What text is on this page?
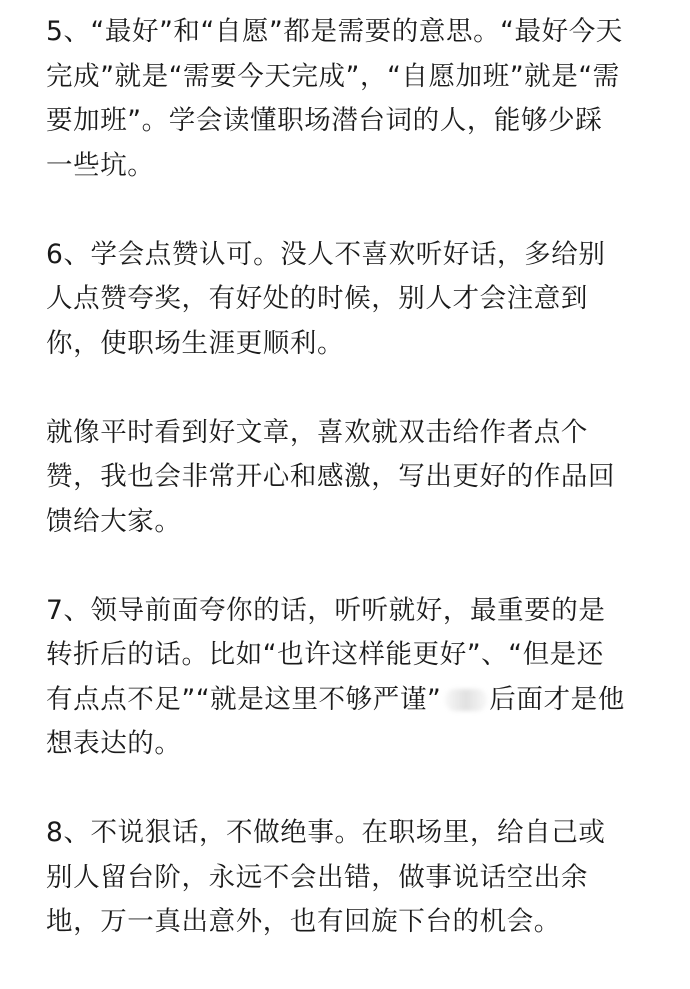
5、“最好”和“自愿”都是需要的意思。“最好今天
完成”就是“需要今天完成”，“自愿加班”就是“需
要加班”。学会读懂职场潜台词的人，能够少踩
一些坑。

6、学会点赞认可。没人不喜欢听好话，多给别
人点赞夸奖，有好处的时候，别人才会注意到
你，使职场生涯更顺利。

就像平时看到好文章，喜欢就双击给作者点个
赞，我也会非常开心和感激，写出更好的作品回
馈给大家。

7、领导前面夸你的话，听听就好，最重要的是
转折后的话。比如“也许这样能更好”、“但是还
有点点不足”“就是这里不够严谨” 后面才是他
想表达的。

8、不说狠话，不做绝事。在职场里，给自己或
别人留台阶，永远不会出错，做事说话空出余
地，万一真出意外，也有回旋下台的机会。
